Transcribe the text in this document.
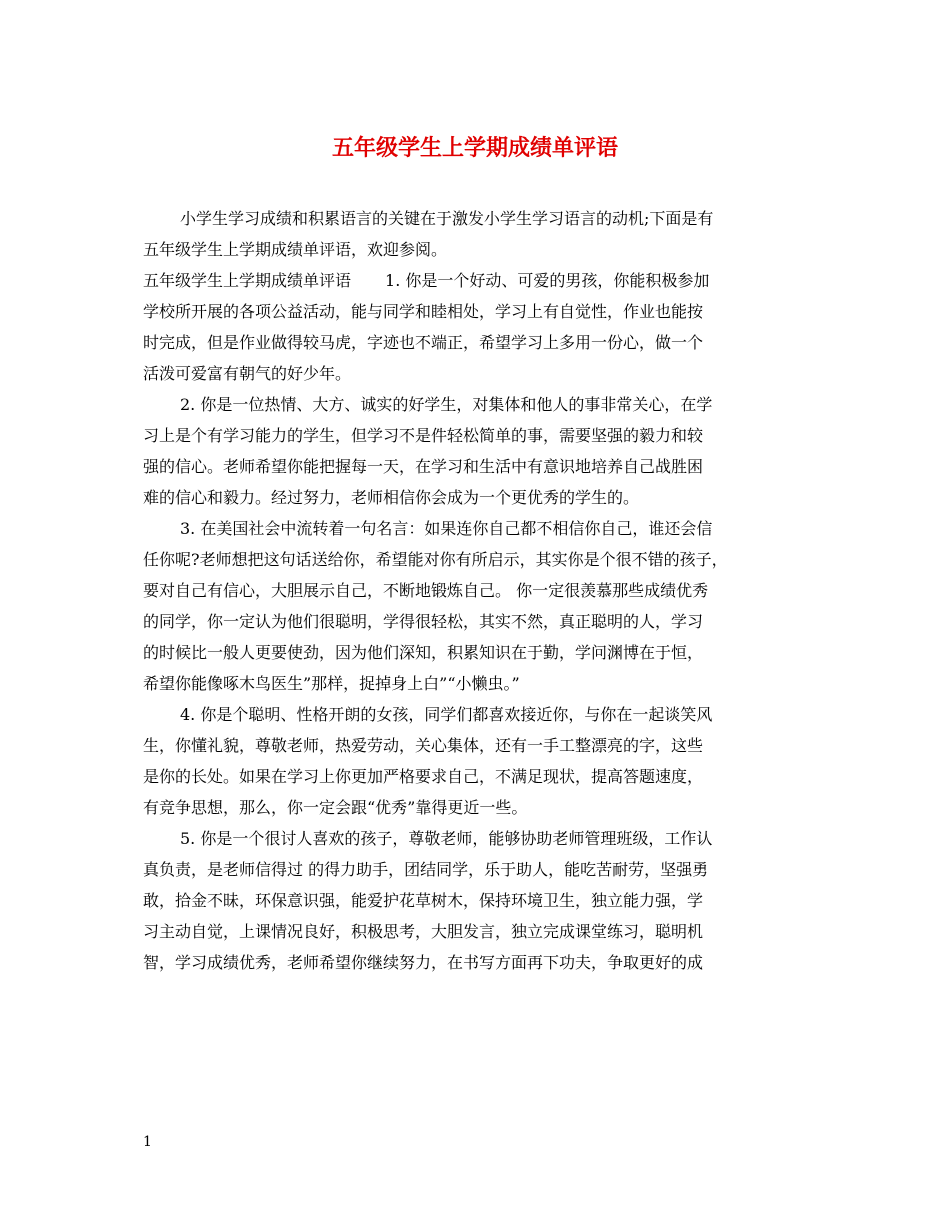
五年级学生上学期成绩单评语
小学生学习成绩和积累语言的关键在于激发小学生学习语言的动机;下面是有
五年级学生上学期成绩单评语，欢迎参阅。
五年级学生上学期成绩单评语 1. 你是一个好动、可爱的男孩，你能积极参加
学校所开展的各项公益活动，能与同学和睦相处，学习上有自觉性，作业也能按
时完成，但是作业做得较马虎，字迹也不端正，希望学习上多用一份心，做一个
活泼可爱富有朝气的好少年。
2. 你是一位热情、大方、诚实的好学生，对集体和他人的事非常关心，在学
习上是个有学习能力的学生，但学习不是件轻松简单的事，需要坚强的毅力和较
强的信心。老师希望你能把握每一天，在学习和生活中有意识地培养自己战胜困
难的信心和毅力。经过努力，老师相信你会成为一个更优秀的学生的。
3. 在美国社会中流转着一句名言：如果连你自己都不相信你自己，谁还会信
任你呢?老师想把这句话送给你，希望能对你有所启示，其实你是个很不错的孩子，
要对自己有信心，大胆展示自己，不断地锻炼自己。 你一定很羡慕那些成绩优秀
的同学，你一定认为他们很聪明，学得很轻松，其实不然，真正聪明的人，学习
的时候比一般人更要使劲，因为他们深知，积累知识在于勤，学问渊博在于恒，
希望你能像啄木鸟医生”那样，捉掉身上白”“小懒虫。”
4. 你是个聪明、性格开朗的女孩，同学们都喜欢接近你，与你在一起谈笑风
生，你懂礼貌，尊敬老师，热爱劳动，关心集体，还有一手工整漂亮的字，这些
是你的长处。如果在学习上你更加严格要求自己，不满足现状，提高答题速度，
有竞争思想，那么，你一定会跟“优秀”靠得更近一些。
5. 你是一个很讨人喜欢的孩子，尊敬老师，能够协助老师管理班级，工作认
真负责，是老师信得过 的得力助手，团结同学，乐于助人，能吃苦耐劳，坚强勇
敢，拾金不昧，环保意识强，能爱护花草树木，保持环境卫生，独立能力强，学
习主动自觉，上课情况良好，积极思考，大胆发言，独立完成课堂练习，聪明机
智，学习成绩优秀，老师希望你继续努力，在书写方面再下功夫，争取更好的成
1
